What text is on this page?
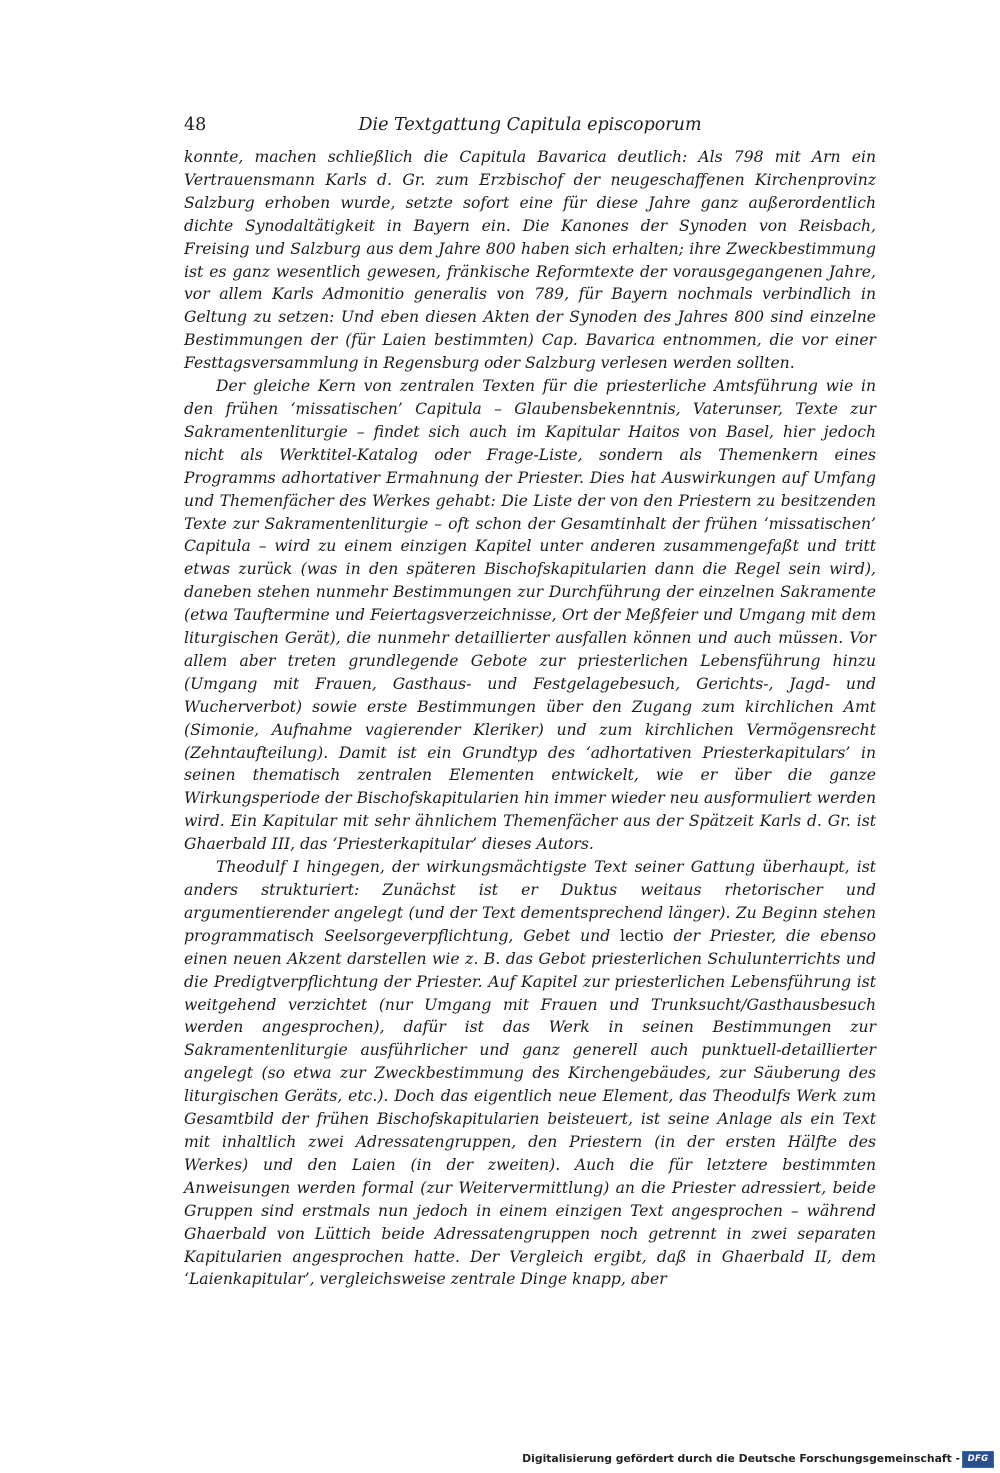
48	Die Textgattung Capitula episcoporum

konnte, machen schließlich die Capitula Bavarica deutlich: Als 798 mit Arn ein Vertrauensmann Karls d. Gr. zum Erzbischof der neugeschaffenen Kirchenprovinz Salzburg erhoben wurde, setzte sofort eine für diese Jahre ganz außerordentlich dichte Synodaltätigkeit in Bayern ein. Die Kanones der Synoden von Reisbach, Freising und Salzburg aus dem Jahre 800 haben sich erhalten; ihre Zweckbestimmung ist es ganz wesentlich gewesen, fränkische Reformtexte der vorausgegangenen Jahre, vor allem Karls Admonitio generalis von 789, für Bayern nochmals verbindlich in Geltung zu setzen: Und eben diesen Akten der Synoden des Jahres 800 sind einzelne Bestimmungen der (für Laien bestimmten) Cap. Bavarica entnommen, die vor einer Festtagsversammlung in Regensburg oder Salzburg verlesen werden sollten.

Der gleiche Kern von zentralen Texten für die priesterliche Amtsführung wie in den frühen ‘missatischen’ Capitula – Glaubensbekenntnis, Vaterunser, Texte zur Sakramentenliturgie – findet sich auch im Kapitular Haitos von Basel, hier jedoch nicht als Werktitel-Katalog oder Frage-Liste, sondern als Themenkern eines Programms adhortativer Ermahnung der Priester. Dies hat Auswirkungen auf Umfang und Themenfächer des Werkes gehabt: Die Liste der von den Priestern zu besitzenden Texte zur Sakramentenliturgie – oft schon der Gesamtinhalt der frühen ‘missatischen’ Capitula – wird zu einem einzigen Kapitel unter anderen zusammengefaßt und tritt etwas zurück (was in den späteren Bischofskapitularien dann die Regel sein wird), daneben stehen nunmehr Bestimmungen zur Durchführung der einzelnen Sakramente (etwa Tauftermine und Feiertagsverzeichnisse, Ort der Meßfeier und Umgang mit dem liturgischen Gerät), die nunmehr detaillierter ausfallen können und auch müssen. Vor allem aber treten grundlegende Gebote zur priesterlichen Lebensführung hinzu (Umgang mit Frauen, Gasthaus- und Festgelagebesuch, Gerichts-, Jagd- und Wucherverbot) sowie erste Bestimmungen über den Zugang zum kirchlichen Amt (Simonie, Aufnahme vagierender Kleriker) und zum kirchlichen Vermögensrecht (Zehntaufteilung). Damit ist ein Grundtyp des ‘adhortativen Priesterkapitulars’ in seinen thematisch zentralen Elementen entwickelt, wie er über die ganze Wirkungsperiode der Bischofskapitularien hin immer wieder neu ausformuliert werden wird. Ein Kapitular mit sehr ähnlichem Themenfächer aus der Spätzeit Karls d. Gr. ist Ghaerbald III, das ‘Priesterkapitular’ dieses Autors.

Theodulf I hingegen, der wirkungsmächtigste Text seiner Gattung überhaupt, ist anders strukturiert: Zunächst ist er Duktus weitaus rhetorischer und argumentierender angelegt (und der Text dementsprechend länger). Zu Beginn stehen programmatisch Seelsorgeverpflichtung, Gebet und lectio der Priester, die ebenso einen neuen Akzent darstellen wie z. B. das Gebot priesterlichen Schulunterrichts und die Predigtverpflichtung der Priester. Auf Kapitel zur priesterlichen Lebensführung ist weitgehend verzichtet (nur Umgang mit Frauen und Trunksucht/Gasthausbesuch werden angesprochen), dafür ist das Werk in seinen Bestimmungen zur Sakramentenliturgie ausführlicher und ganz generell auch punktuell-detaillierter angelegt (so etwa zur Zweckbestimmung des Kirchengebäudes, zur Säuberung des liturgischen Geräts, etc.). Doch das eigentlich neue Element, das Theodulfs Werk zum Gesamtbild der frühen Bischofskapitularien beisteuert, ist seine Anlage als ein Text mit inhaltlich zwei Adressatengruppen, den Priestern (in der ersten Hälfte des Werkes) und den Laien (in der zweiten). Auch die für letztere bestimmten Anweisungen werden formal (zur Weitervermittlung) an die Priester adressiert, beide Gruppen sind erstmals nun jedoch in einem einzigen Text angesprochen – während Ghaerbald von Lüttich beide Adressatengruppen noch getrennt in zwei separaten Kapitularien angesprochen hatte. Der Vergleich ergibt, daß in Ghaerbald II, dem ‘Laienkapitular’, vergleichsweise zentrale Dinge knapp, aber

Digitalisierung gefördert durch die Deutsche Forschungsgemeinschaft - DFG
